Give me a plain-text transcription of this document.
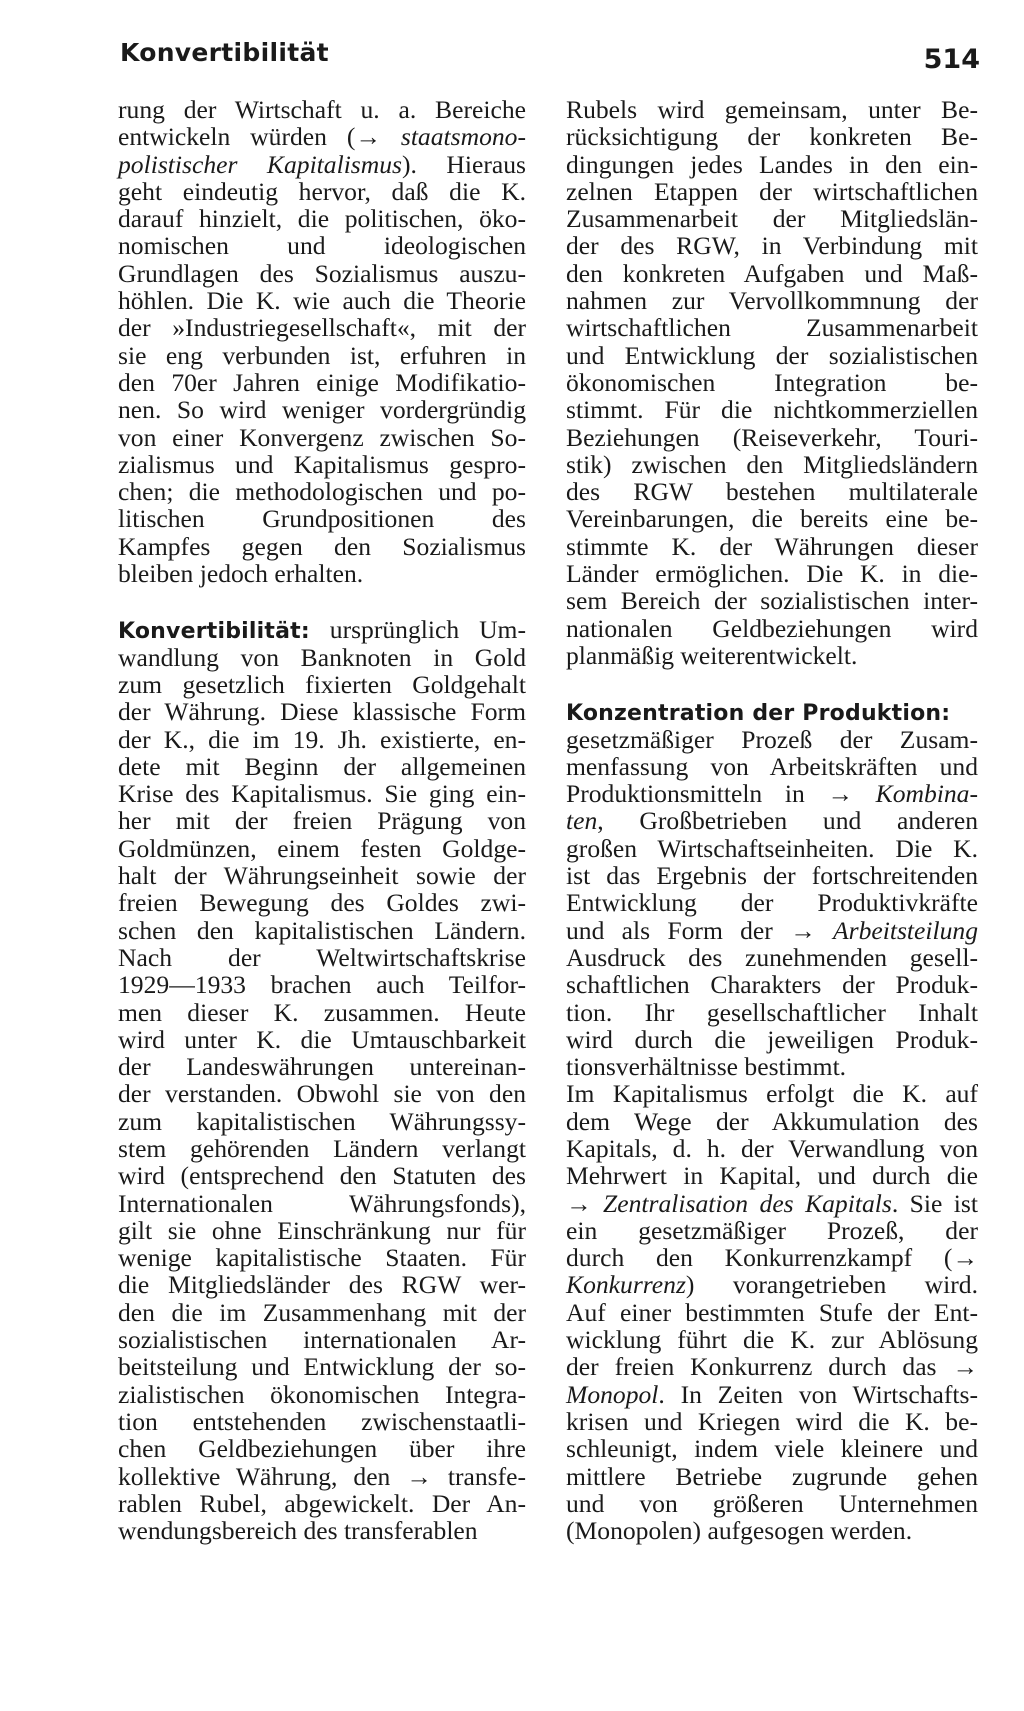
Konvertibilität	514
rung der Wirtschaft u. a. Bereiche
entwickeln würden (→ staatsmono-
polistischer Kapitalismus). Hieraus
geht eindeutig hervor, daß die K.
darauf hinzielt, die politischen, öko-
nomischen und ideologischen
Grundlagen des Sozialismus auszu-
höhlen. Die K. wie auch die Theorie
der »Industriegesellschaft«, mit der
sie eng verbunden ist, erfuhren in
den 70er Jahren einige Modifikatio-
nen. So wird weniger vordergründig
von einer Konvergenz zwischen So-
zialismus und Kapitalismus gespro-
chen; die methodologischen und po-
litischen Grundpositionen des
Kampfes gegen den Sozialismus
bleiben jedoch erhalten.
Konvertibilität: ursprünglich Um-
wandlung von Banknoten in Gold
zum gesetzlich fixierten Goldgehalt
der Währung. Diese klassische Form
der K., die im 19. Jh. existierte, en-
dete mit Beginn der allgemeinen
Krise des Kapitalismus. Sie ging ein-
her mit der freien Prägung von
Goldmünzen, einem festen Goldge-
halt der Währungseinheit sowie der
freien Bewegung des Goldes zwi-
schen den kapitalistischen Ländern.
Nach der Weltwirtschaftskrise
1929—1933 brachen auch Teilfor-
men dieser K. zusammen. Heute
wird unter K. die Umtauschbarkeit
der Landeswährungen untereinan-
der verstanden. Obwohl sie von den
zum kapitalistischen Währungssy-
stem gehörenden Ländern verlangt
wird (entsprechend den Statuten des
Internationalen Währungsfonds),
gilt sie ohne Einschränkung nur für
wenige kapitalistische Staaten. Für
die Mitgliedsländer des RGW wer-
den die im Zusammenhang mit der
sozialistischen internationalen Ar-
beitsteilung und Entwicklung der so-
zialistischen ökonomischen Integra-
tion entstehenden zwischenstaatli-
chen Geldbeziehungen über ihre
kollektive Währung, den → transfe-
rablen Rubel, abgewickelt. Der An-
wendungsbereich des transferablen
Rubels wird gemeinsam, unter Be-
rücksichtigung der konkreten Be-
dingungen jedes Landes in den ein-
zelnen Etappen der wirtschaftlichen
Zusammenarbeit der Mitgliedslän-
der des RGW, in Verbindung mit
den konkreten Aufgaben und Maß-
nahmen zur Vervollkommnung der
wirtschaftlichen Zusammenarbeit
und Entwicklung der sozialistischen
ökonomischen Integration be-
stimmt. Für die nichtkommerziellen
Beziehungen (Reiseverkehr, Touri-
stik) zwischen den Mitgliedsländern
des RGW bestehen multilaterale
Vereinbarungen, die bereits eine be-
stimmte K. der Währungen dieser
Länder ermöglichen. Die K. in die-
sem Bereich der sozialistischen inter-
nationalen Geldbeziehungen wird
planmäßig weiterentwickelt.
Konzentration der Produktion:
gesetzmäßiger Prozeß der Zusam-
menfassung von Arbeitskräften und
Produktionsmitteln in → Kombina-
ten, Großbetrieben und anderen
großen Wirtschaftseinheiten. Die K.
ist das Ergebnis der fortschreitenden
Entwicklung der Produktivkräfte
und als Form der → Arbeitsteilung
Ausdruck des zunehmenden gesell-
schaftlichen Charakters der Produk-
tion. Ihr gesellschaftlicher Inhalt
wird durch die jeweiligen Produk-
tionsverhältnisse bestimmt.
Im Kapitalismus erfolgt die K. auf
dem Wege der Akkumulation des
Kapitals, d. h. der Verwandlung von
Mehrwert in Kapital, und durch die
→ Zentralisation des Kapitals. Sie ist
ein gesetzmäßiger Prozeß, der
durch den Konkurrenzkampf (→
Konkurrenz) vorangetrieben wird.
Auf einer bestimmten Stufe der Ent-
wicklung führt die K. zur Ablösung
der freien Konkurrenz durch das →
Monopol. In Zeiten von Wirtschafts-
krisen und Kriegen wird die K. be-
schleunigt, indem viele kleinere und
mittlere Betriebe zugrunde gehen
und von größeren Unternehmen
(Monopolen) aufgesogen werden.
